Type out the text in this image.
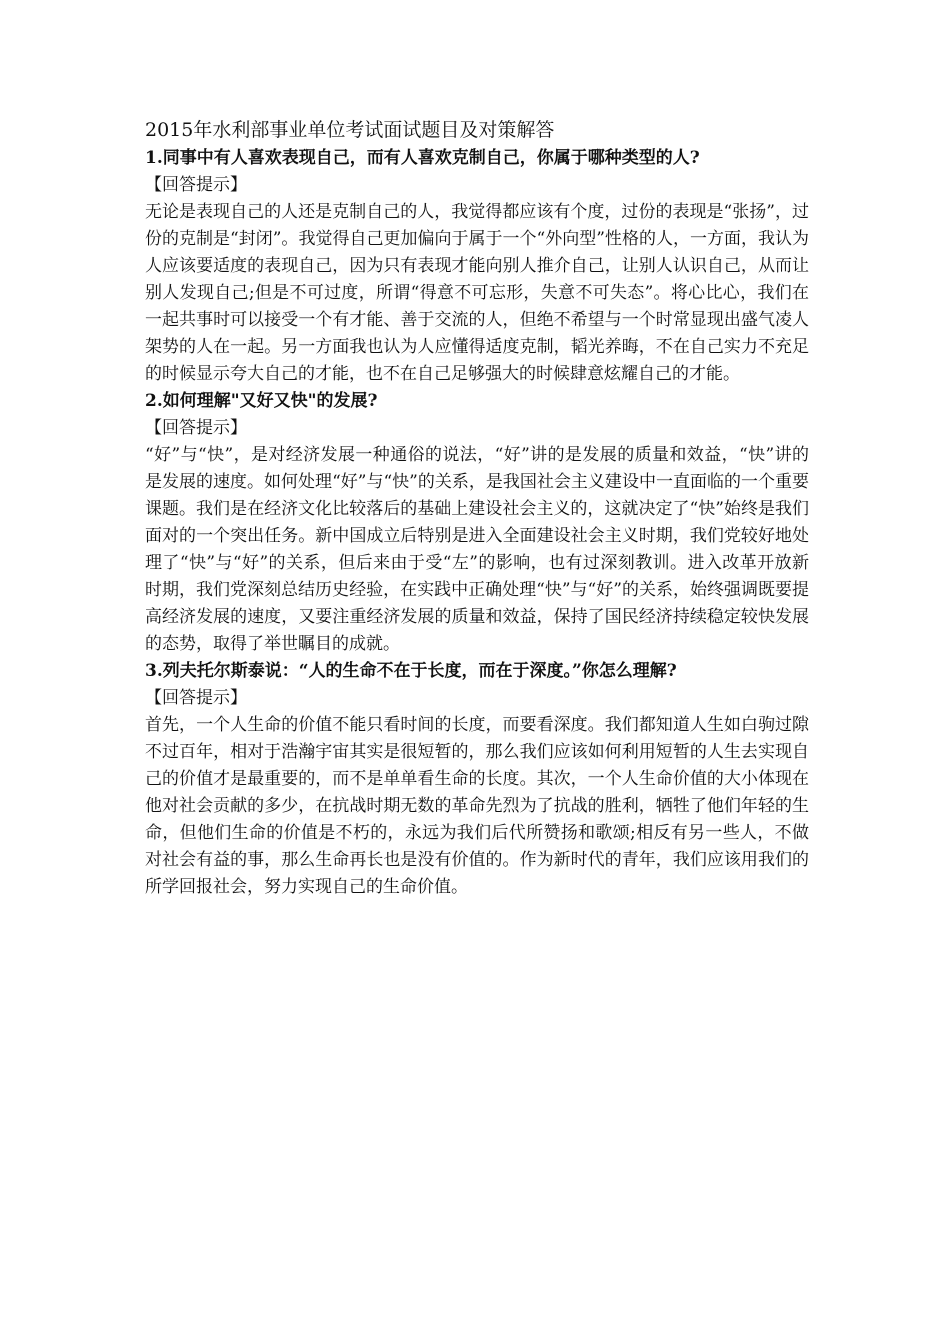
2015年水利部事业单位考试面试题目及对策解答

1.同事中有人喜欢表现自己，而有人喜欢克制自己，你属于哪种类型的人?

【回答提示】

无论是表现自己的人还是克制自己的人，我觉得都应该有个度，过份的表现是“张扬”，过份的克制是“封闭”。我觉得自己更加偏向于属于一个“外向型”性格的人，一方面，我认为人应该要适度的表现自己，因为只有表现才能向别人推介自己，让别人认识自己，从而让别人发现自己;但是不可过度，所谓“得意不可忘形，失意不可失态”。将心比心，我们在一起共事时可以接受一个有才能、善于交流的人，但绝不希望与一个时常显现出盛气凌人架势的人在一起。另一方面我也认为人应懂得适度克制，韬光养晦，不在自己实力不充足的时候显示夸大自己的才能，也不在自己足够强大的时候肆意炫耀自己的才能。

2.如何理解"又好又快"的发展?

【回答提示】

“好”与“快”，是对经济发展一种通俗的说法，“好”讲的是发展的质量和效益，“快”讲的是发展的速度。如何处理“好”与“快”的关系，是我国社会主义建设中一直面临的一个重要课题。我们是在经济文化比较落后的基础上建设社会主义的，这就决定了“快”始终是我们面对的一个突出任务。新中国成立后特别是进入全面建设社会主义时期，我们党较好地处理了“快”与“好”的关系，但后来由于受“左”的影响，也有过深刻教训。进入改革开放新时期，我们党深刻总结历史经验，在实践中正确处理“快”与“好”的关系，始终强调既要提高经济发展的速度，又要注重经济发展的质量和效益，保持了国民经济持续稳定较快发展的态势，取得了举世瞩目的成就。

3.列夫托尔斯泰说：“人的生命不在于长度，而在于深度。”你怎么理解?

【回答提示】

首先，一个人生命的价值不能只看时间的长度，而要看深度。我们都知道人生如白驹过隙不过百年，相对于浩瀚宇宙其实是很短暂的，那么我们应该如何利用短暂的人生去实现自己的价值才是最重要的，而不是单单看生命的长度。其次，一个人生命价值的大小体现在他对社会贡献的多少，在抗战时期无数的革命先烈为了抗战的胜利，牺牲了他们年轻的生命，但他们生命的价值是不朽的，永远为我们后代所赞扬和歌颂;相反有另一些人，不做对社会有益的事，那么生命再长也是没有价值的。作为新时代的青年，我们应该用我们的所学回报社会，努力实现自己的生命价值。
